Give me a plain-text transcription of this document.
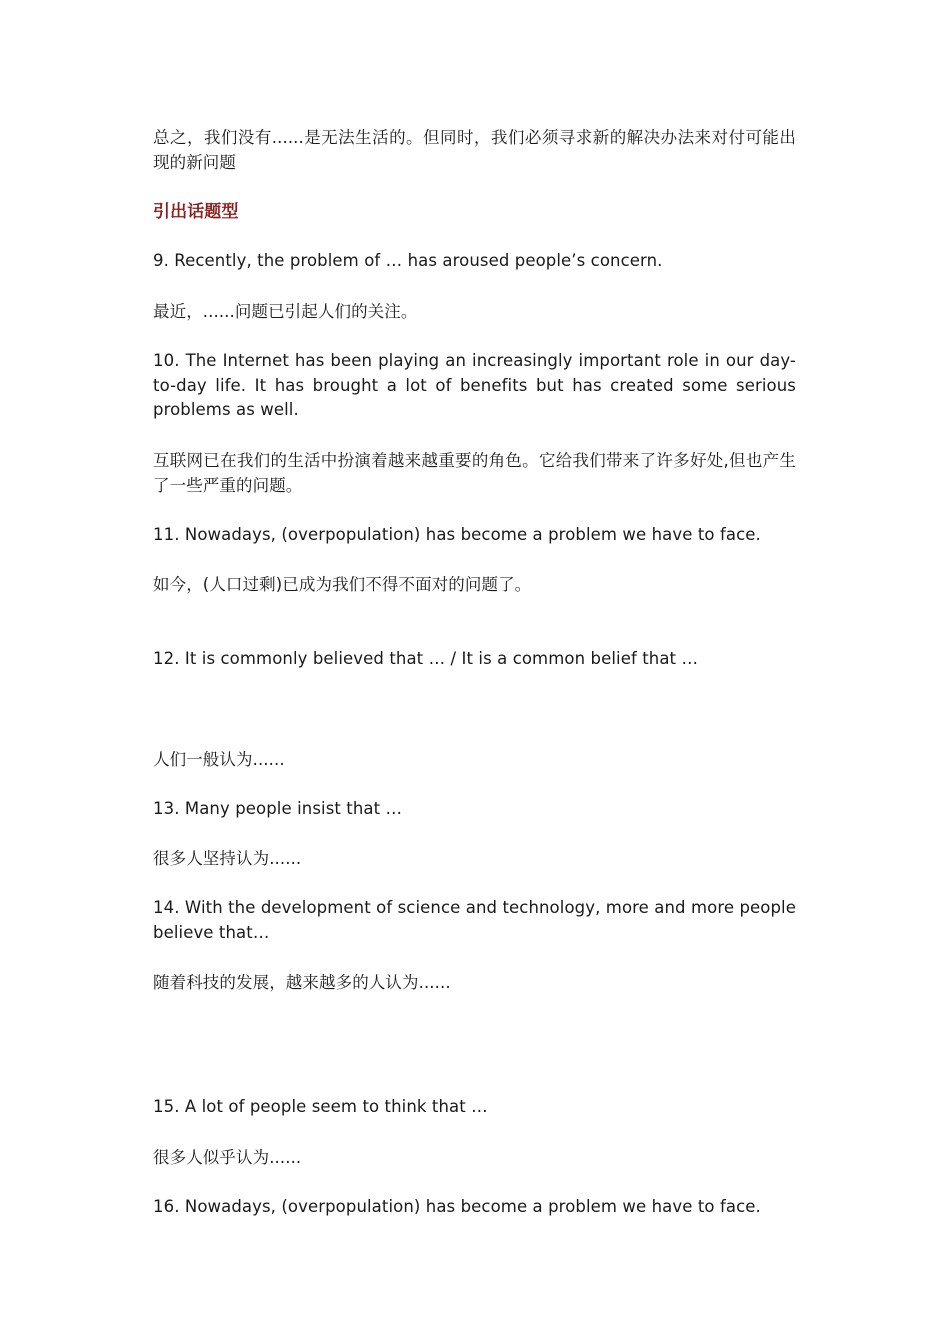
总之，我们没有......是无法生活的。但同时，我们必须寻求新的解决办法来对付可能出现的新问题

引出话题型

9. Recently, the problem of … has aroused people’s concern.

最近，......问题已引起人们的关注。

10. The Internet has been playing an increasingly important role in our day-to-day life. It has brought a lot of benefits but has created some serious problems as well.

互联网已在我们的生活中扮演着越来越重要的角色。它给我们带来了许多好处,但也产生了一些严重的问题。

11. Nowadays, (overpopulation) has become a problem we have to face.

如今，(人口过剩)已成为我们不得不面对的问题了。

12. It is commonly believed that … / It is a common belief that …

人们一般认为......

13. Many people insist that …

很多人坚持认为......

14. With the development of science and technology, more and more people believe that…

随着科技的发展，越来越多的人认为......

15. A lot of people seem to think that …

很多人似乎认为......

16. Nowadays, (overpopulation) has become a problem we have to face.
